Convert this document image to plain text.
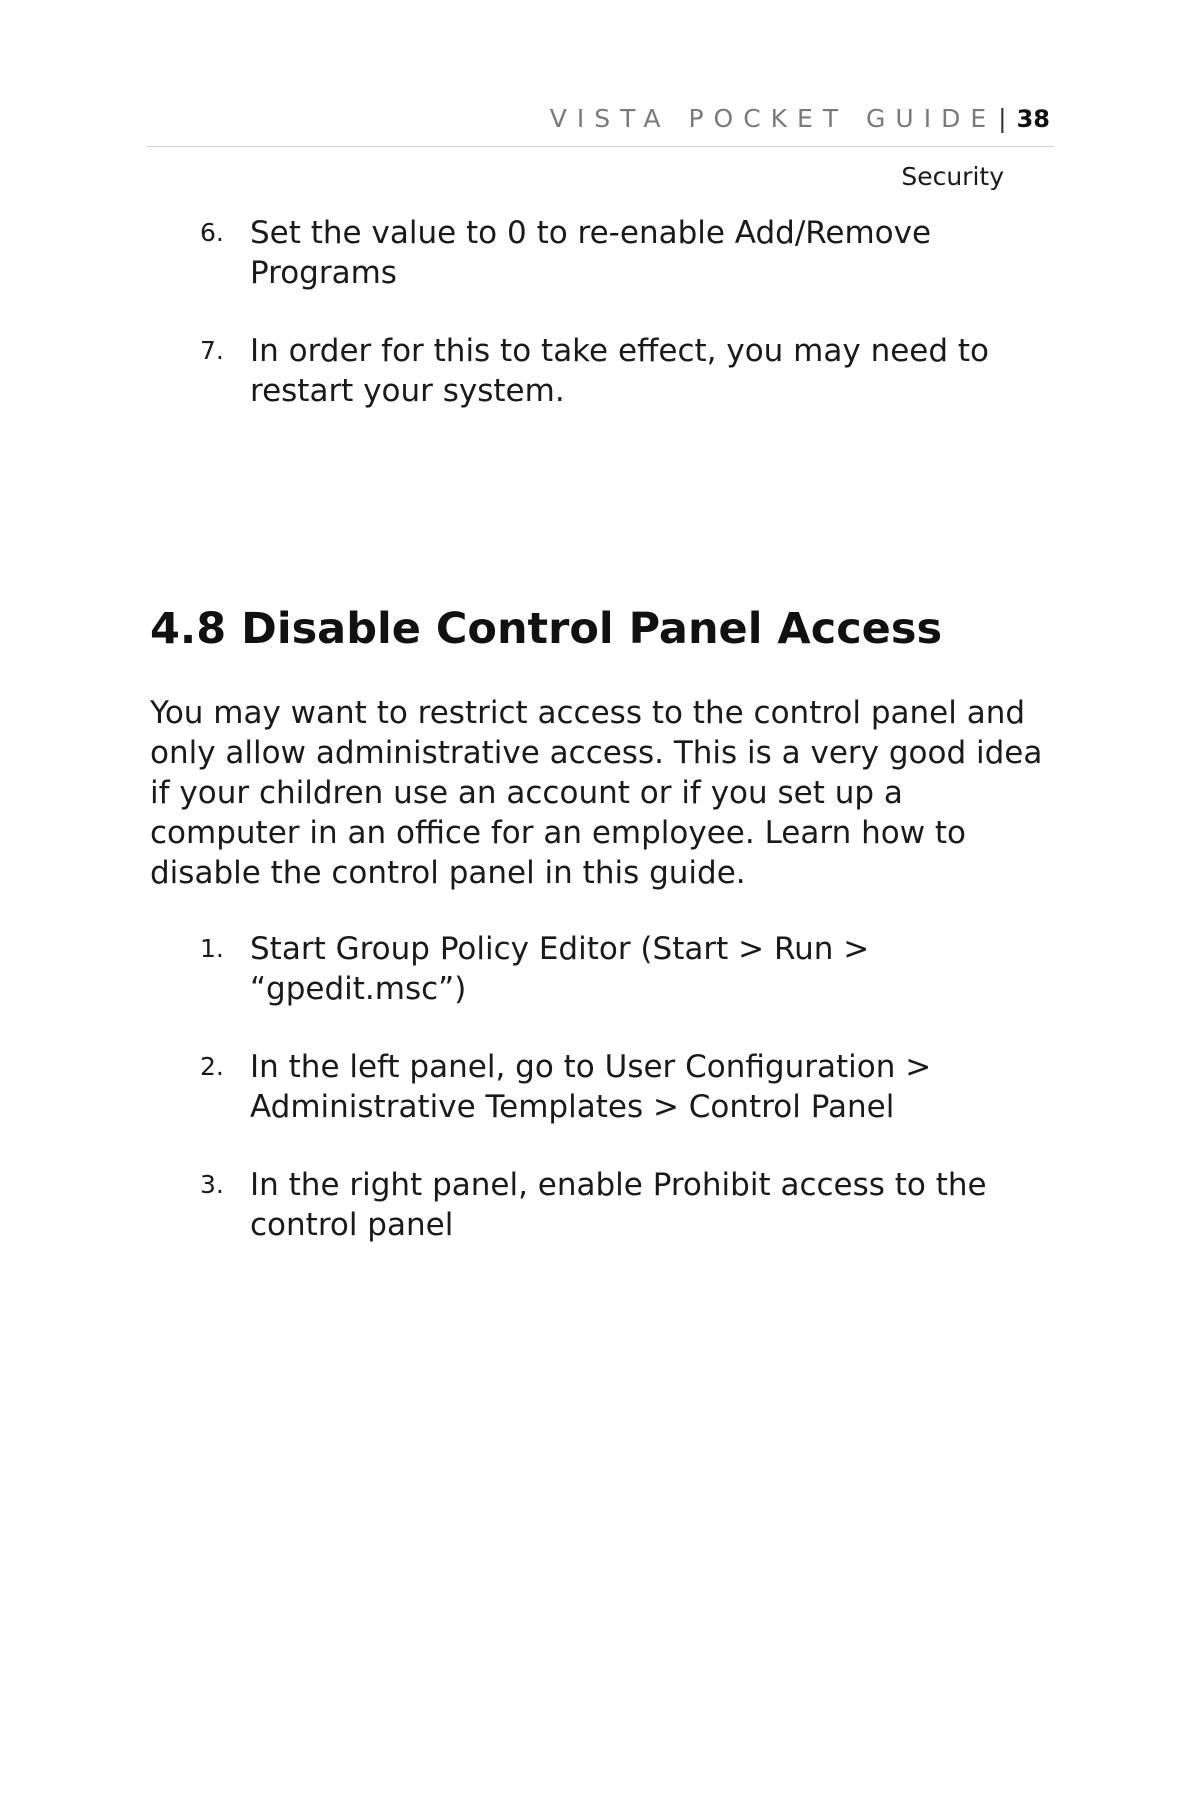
VISTA POCKET GUIDE | 38
Security
6. Set the value to 0 to re-enable Add/Remove Programs
7. In order for this to take effect, you may need to restart your system.
4.8 Disable Control Panel Access

You may want to restrict access to the control panel and only allow administrative access. This is a very good idea if your children use an account or if you set up a computer in an office for an employee. Learn how to disable the control panel in this guide.

1. Start Group Policy Editor (Start > Run > “gpedit.msc”)
2. In the left panel, go to User Configuration > Administrative Templates > Control Panel
3. In the right panel, enable Prohibit access to the control panel
